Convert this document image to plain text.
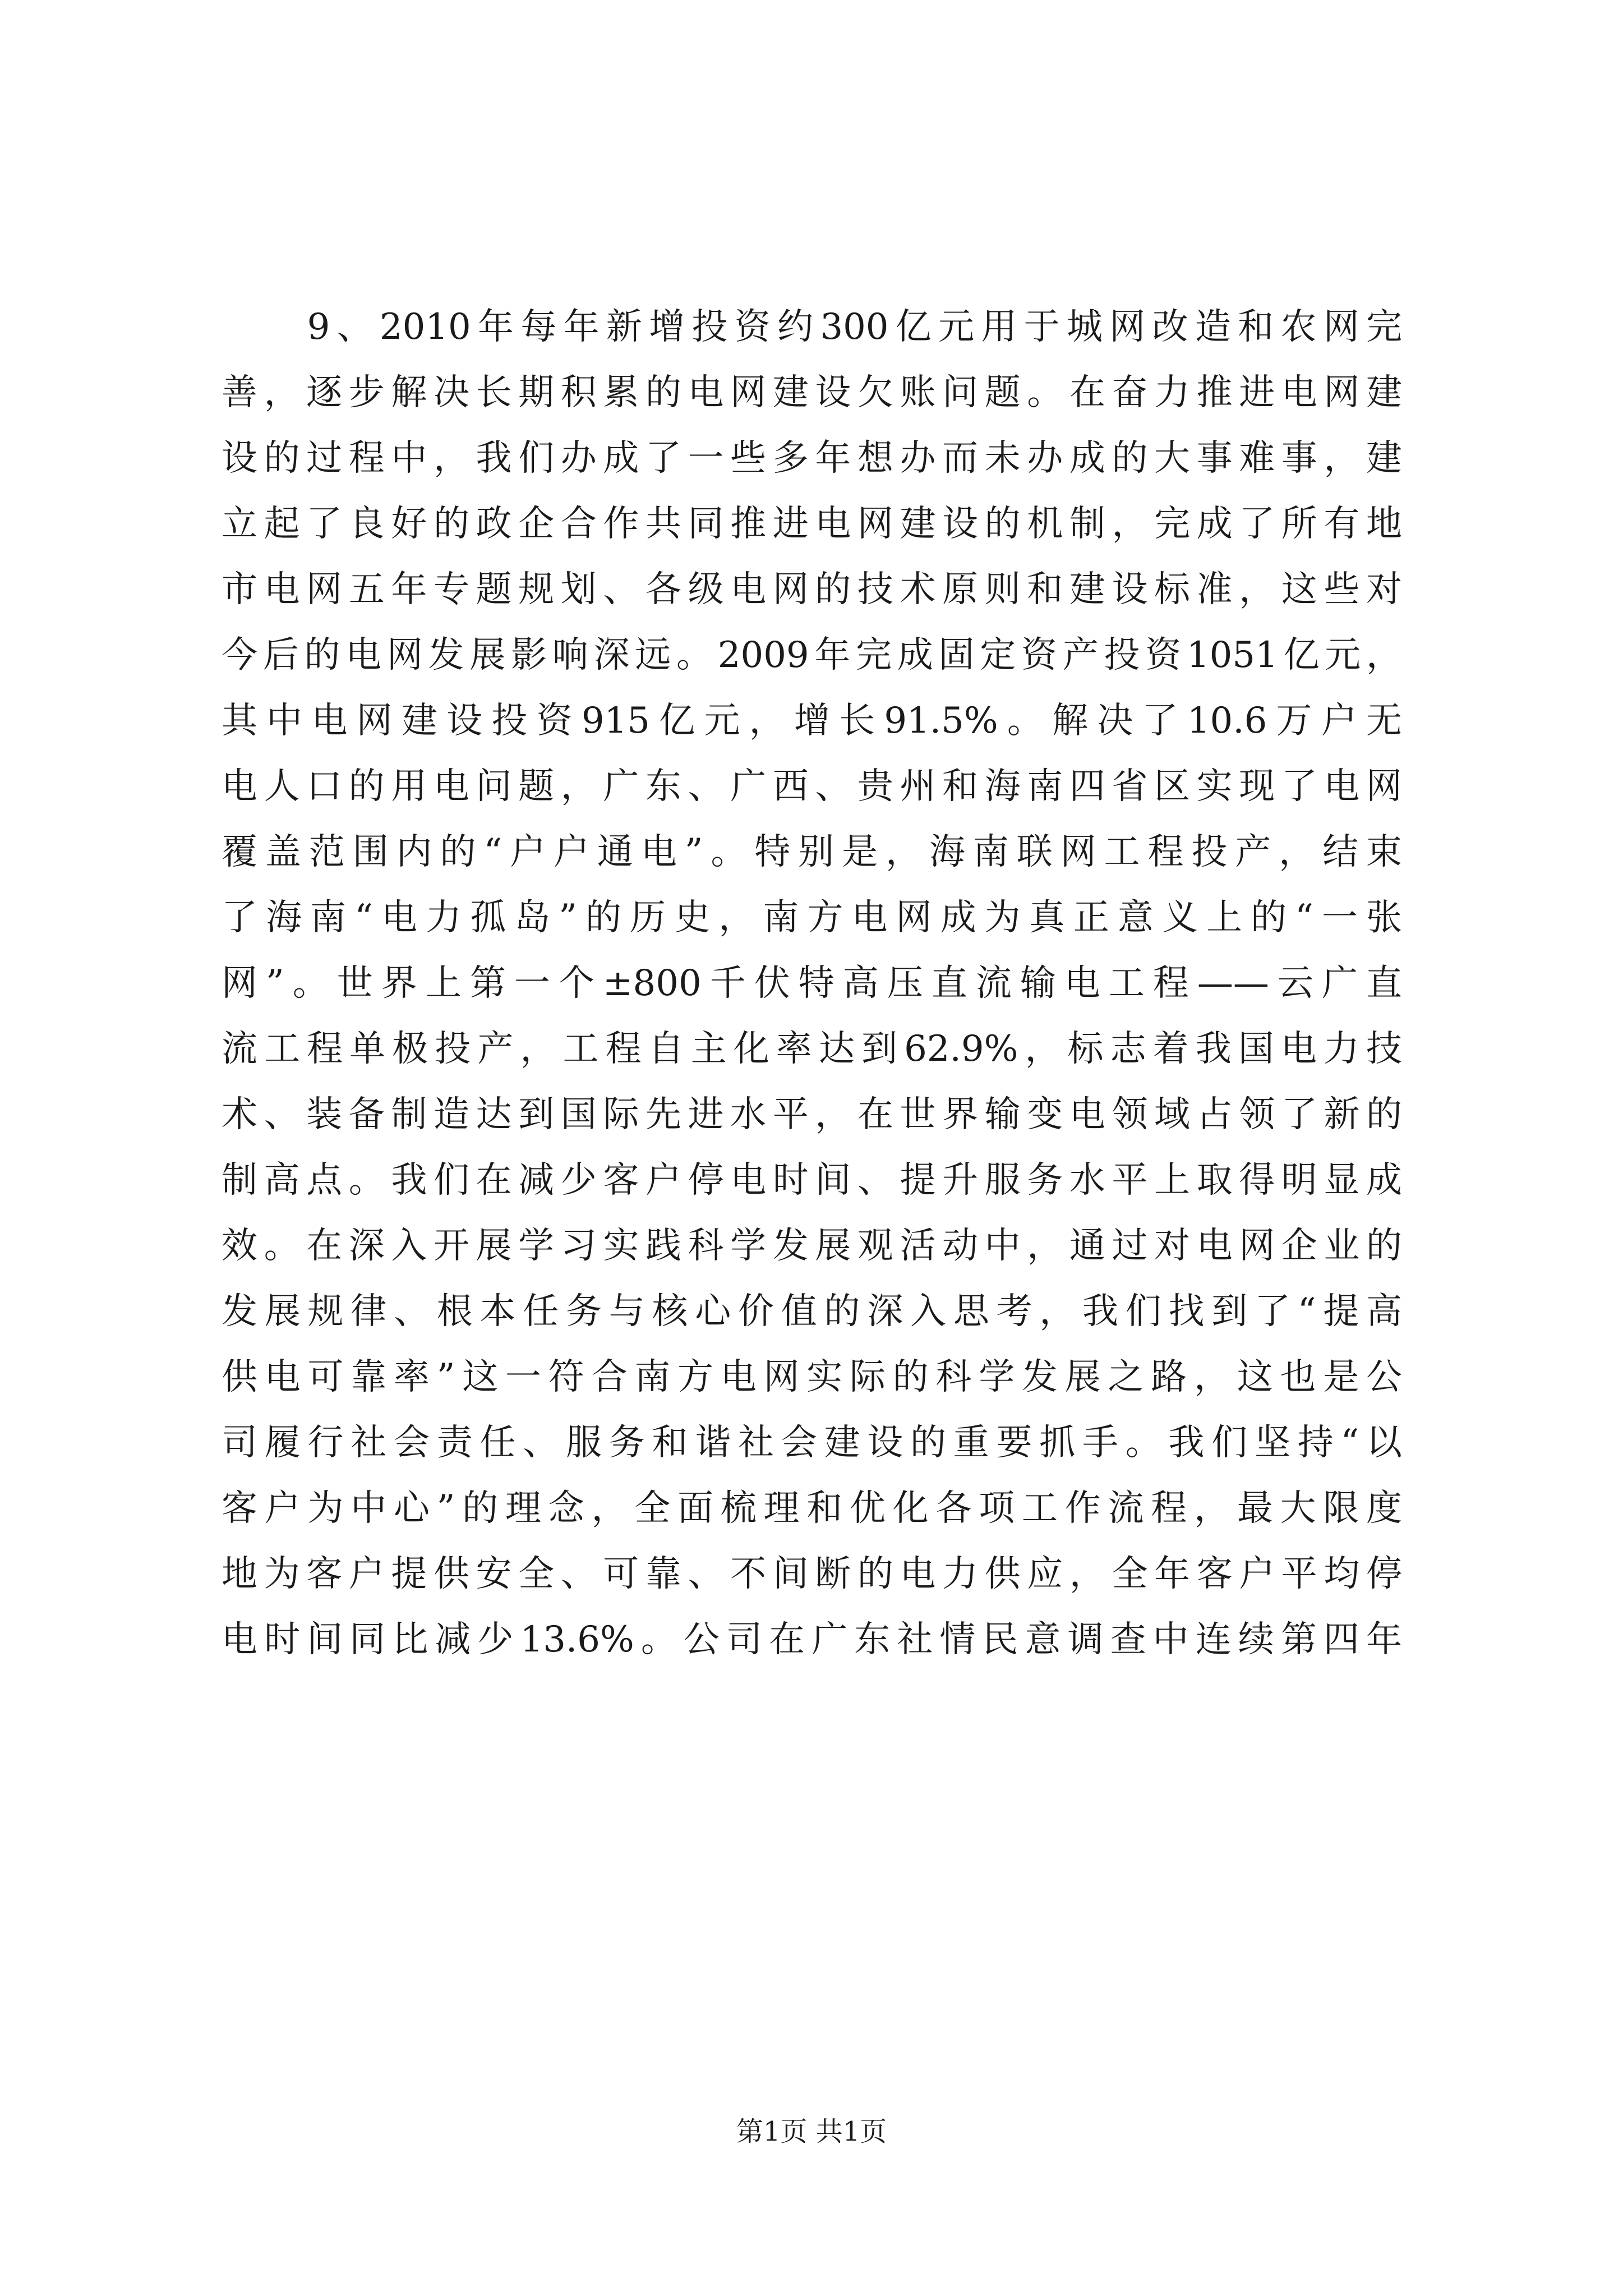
　　9、2010年每年新增投资约300亿元用于城网改造和农网完
善，逐步解决长期积累的电网建设欠账问题。在奋力推进电网建
设的过程中，我们办成了一些多年想办而未办成的大事难事，建
立起了良好的政企合作共同推进电网建设的机制，完成了所有地
市电网五年专题规划、各级电网的技术原则和建设标准，这些对
今后的电网发展影响深远。2009年完成固定资产投资1051亿元，
其中电网建设投资915亿元，增长91.5%。解决了10.6万户无
电人口的用电问题，广东、广西、贵州和海南四省区实现了电网
覆盖范围内的“户户通电”。特别是，海南联网工程投产，结束
了海南“电力孤岛”的历史，南方电网成为真正意义上的“一张
网”。世界上第一个±800千伏特高压直流输电工程——云广直
流工程单极投产，工程自主化率达到62.9%，标志着我国电力技
术、装备制造达到国际先进水平，在世界输变电领域占领了新的
制高点。我们在减少客户停电时间、提升服务水平上取得明显成
效。在深入开展学习实践科学发展观活动中，通过对电网企业的
发展规律、根本任务与核心价值的深入思考，我们找到了“提高
供电可靠率”这一符合南方电网实际的科学发展之路，这也是公
司履行社会责任、服务和谐社会建设的重要抓手。我们坚持“以
客户为中心”的理念，全面梳理和优化各项工作流程，最大限度
地为客户提供安全、可靠、不间断的电力供应，全年客户平均停
电时间同比减少13.6%。公司在广东社情民意调查中连续第四年
第1页 共1页
